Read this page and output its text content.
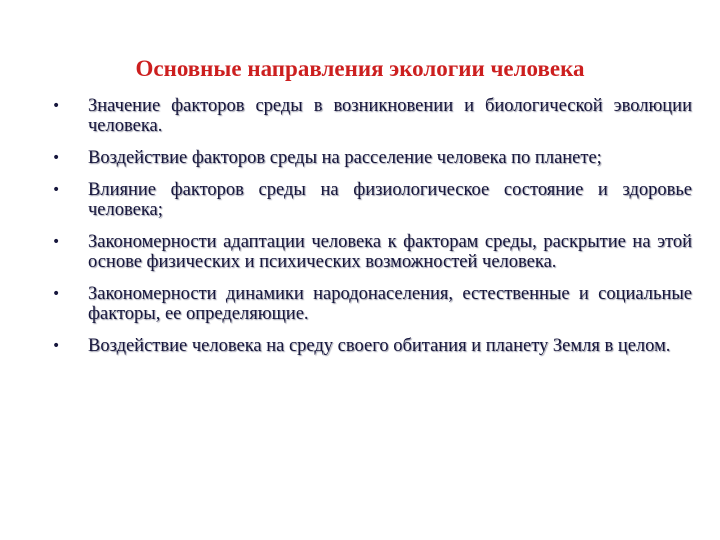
Основные направления экологии человека
• Значение факторов среды в возникновении и биологической эволюции человека.
• Воздействие факторов среды на расселение человека по планете;
• Влияние факторов среды на физиологическое состояние и здоровье человека;
• Закономерности адаптации человека к факторам среды, раскрытие на этой основе физических и психических возможностей человека.
• Закономерности динамики народонаселения, естественные и социальные факторы, ее определяющие.
• Воздействие человека на среду своего обитания и планету Земля в целом.
